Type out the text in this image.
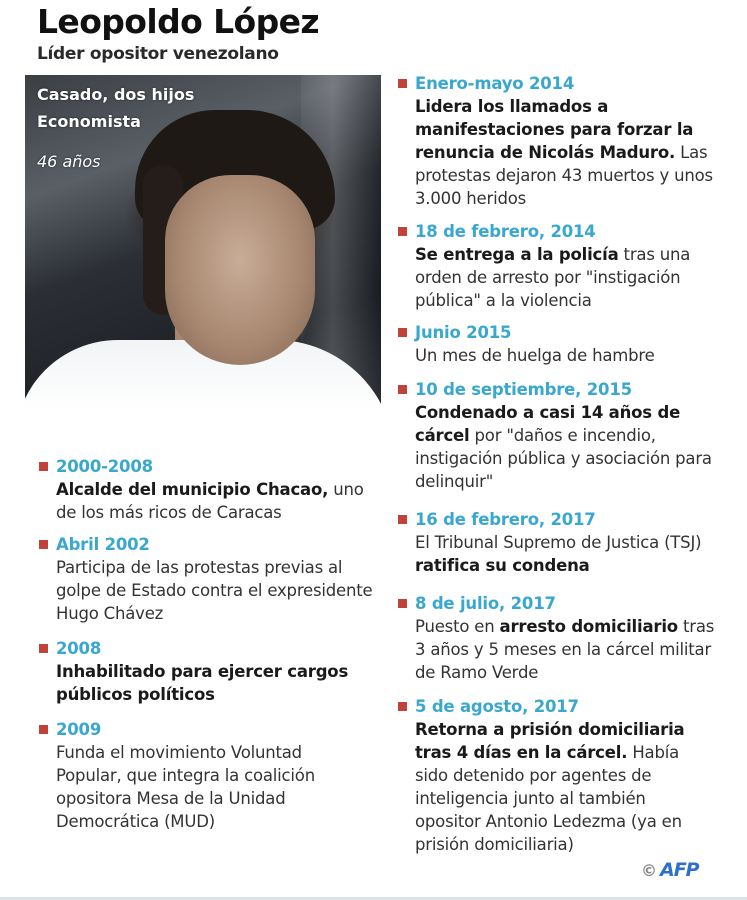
Leopoldo López
Líder opositor venezolano
Casado, dos hijos
Economista
46 años
2000-2008
Alcalde del municipio Chacao, uno de los más ricos de Caracas
Abril 2002
Participa de las protestas previas al golpe de Estado contra el expresidente Hugo Chávez
2008
Inhabilitado para ejercer cargos públicos políticos
2009
Funda el movimiento Voluntad Popular, que integra la coalición opositora Mesa de la Unidad Democrática (MUD)
Enero-mayo 2014
Lidera los llamados a manifestaciones para forzar la renuncia de Nicolás Maduro. Las protestas dejaron 43 muertos y unos 3.000 heridos
18 de febrero, 2014
Se entrega a la policía tras una orden de arresto por "instigación pública" a la violencia
Junio 2015
Un mes de huelga de hambre
10 de septiembre, 2015
Condenado a casi 14 años de cárcel por "daños e incendio, instigación pública y asociación para delinquir"
16 de febrero, 2017
El Tribunal Supremo de Justica (TSJ) ratifica su condena
8 de julio, 2017
Puesto en arresto domiciliario tras 3 años y 5 meses en la cárcel militar de Ramo Verde
5 de agosto, 2017
Retorna a prisión domiciliaria tras 4 días en la cárcel. Había sido detenido por agentes de inteligencia junto al también opositor Antonio Ledezma (ya en prisión domiciliaria)
© AFP
